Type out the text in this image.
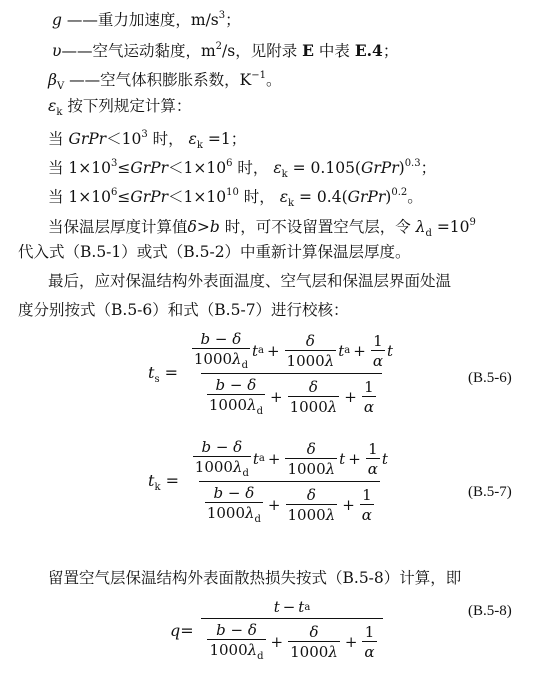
g ——重力加速度，$m/s^3$；
υ——空气运动黏度，$m^2/s$，见附录 E 中表 E.4；
$\beta_V$ ——空气体积膨胀系数，$K^{-1}$。
$\varepsilon_k$ 按下列规定计算：
当 $GrPr<10^3$ 时， $\varepsilon_k =1$；
当 $1\times 10^3\le GrPr<1\times 10^6$ 时， $\varepsilon_k$ = 0.105(GrPr)$^{0.3}$；
当 $1\times 10^6\le GrPr<1\times 10^{10}$ 时， $\varepsilon_k$ = 0.4(GrPr)$^{0.2}$。
当保温层厚度计算值δ>b 时，可不设留置空气层，令 $\lambda_d =10^9$
代入式（B.5-1）或式（B.5-2）中重新计算保温层厚度。
最后，应对保温结构外表面温度、空气层和保温层界面处温
度分别按式（B.5-6）和式（B.5-7）进行校核：
$t_s$ =
$\frac{b - \delta}{1000\lambda_d}$ t $a + \frac{\delta}{1000\lambda}$ t $a + \frac{1}{\alpha}$ t
$\frac{b - \delta}{1000\lambda_d} + \frac{\delta}{1000\lambda} + \frac{1}{\alpha}$	(B.5-6)
$t_k$ =
$\frac{b - \delta}{1000\lambda_d}$ t $a + \frac{\delta}{1000\lambda}$ $t + \frac{1}{\alpha}$ t
$\frac{b - \delta}{1000\lambda_d} + \frac{\delta}{1000\lambda} + \frac{1}{\alpha}$	(B.5-7)
留置空气层保温结构外表面散热损失按式（B.5-8）计算，即
$q= \frac{\text{t − t a}}{\frac{b - \delta}{1000\lambda_d} + \frac{\delta}{1000\lambda} + \frac{1}{\alpha}}$	(B.5-8)
